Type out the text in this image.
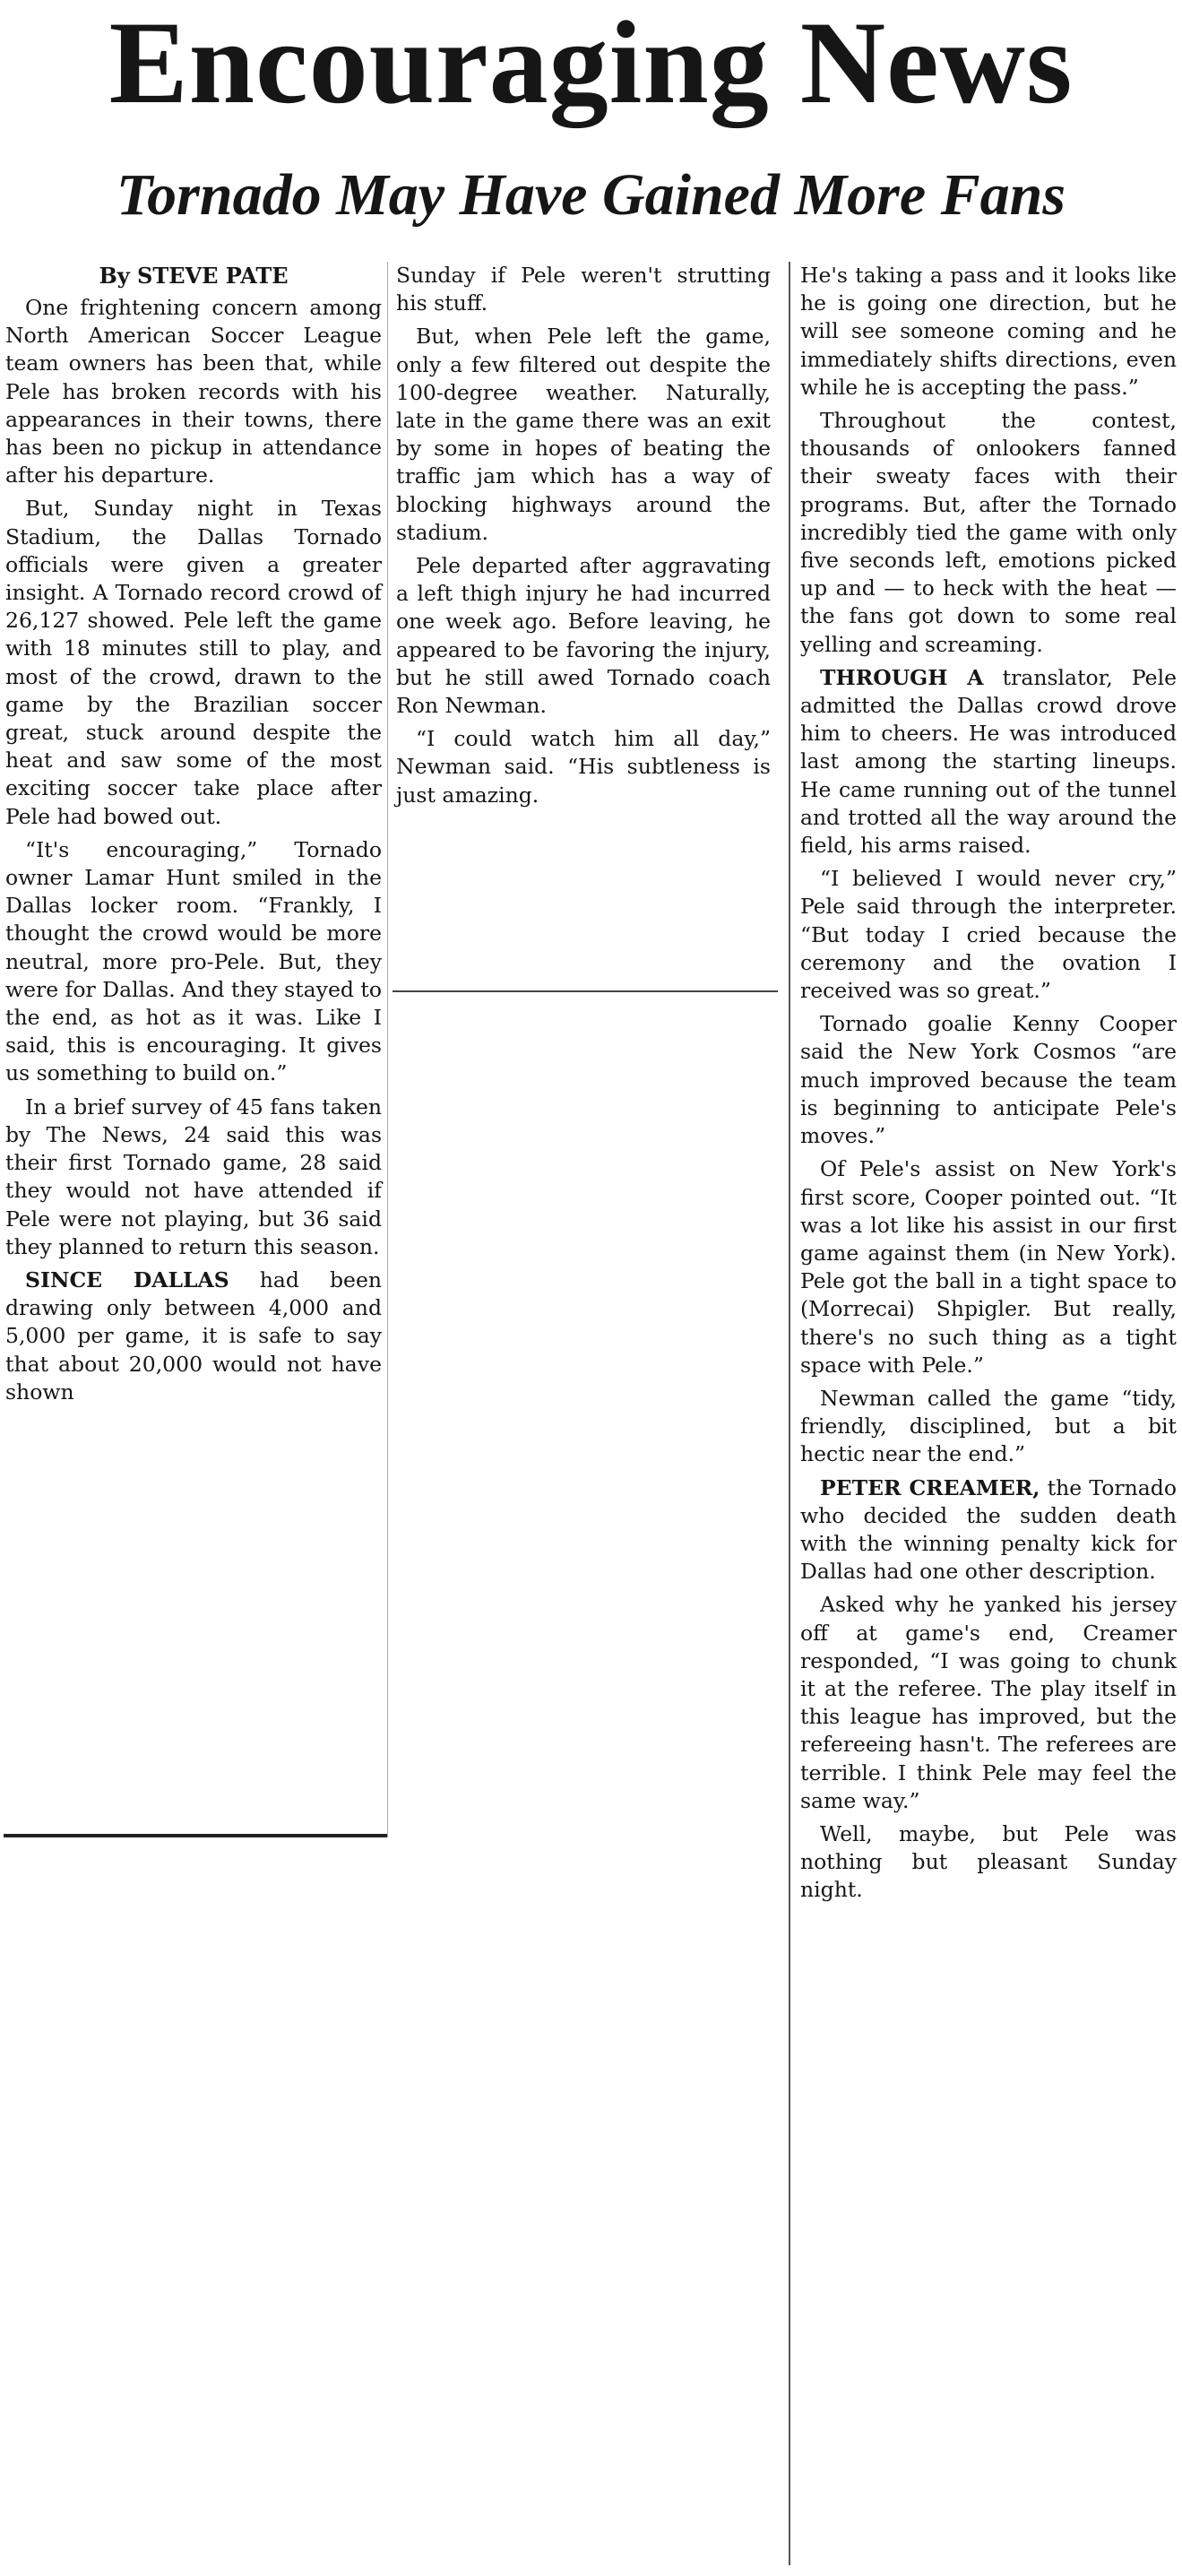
Encouraging News
Tornado May Have Gained More Fans
By STEVE PATE

One frightening concern among North American Soccer League team owners has been that, while Pele has broken records with his appearances in their towns, there has been no pickup in attendance after his departure.

But, Sunday night in Texas Stadium, the Dallas Tornado officials were given a greater insight. A Tornado record crowd of 26,127 showed. Pele left the game with 18 minutes still to play, and most of the crowd, drawn to the game by the Brazilian soccer great, stuck around despite the heat and saw some of the most exciting soccer take place after Pele had bowed out.

“It's encouraging,” Tornado owner Lamar Hunt smiled in the Dallas locker room. “Frankly, I thought the crowd would be more neutral, more pro-Pele. But, they were for Dallas. And they stayed to the end, as hot as it was. Like I said, this is encouraging. It gives us something to build on.”

In a brief survey of 45 fans taken by The News, 24 said this was their first Tornado game, 28 said they would not have attended if Pele were not playing, but 36 said they planned to return this season.

SINCE DALLAS had been drawing only between 4,000 and 5,000 per game, it is safe to say that about 20,000 would not have shown

Sunday if Pele weren't strutting his stuff.

But, when Pele left the game, only a few filtered out despite the 100-degree weather. Naturally, late in the game there was an exit by some in hopes of beating the traffic jam which has a way of blocking highways around the stadium.

Pele departed after aggravating a left thigh injury he had incurred one week ago. Before leaving, he appeared to be favoring the injury, but he still awed Tornado coach Ron Newman.

“I could watch him all day,” Newman said. “His subtleness is just amazing.

He's taking a pass and it looks like he is going one direction, but he will see someone coming and he immediately shifts directions, even while he is accepting the pass.”

Throughout the contest, thousands of onlookers fanned their sweaty faces with their programs. But, after the Tornado incredibly tied the game with only five seconds left, emotions picked up and — to heck with the heat — the fans got down to some real yelling and screaming.

THROUGH A translator, Pele admitted the Dallas crowd drove him to cheers. He was introduced last among the starting lineups. He came running out of the tunnel and trotted all the way around the field, his arms raised.

“I believed I would never cry,” Pele said through the interpreter. “But today I cried because the ceremony and the ovation I received was so great.”

Tornado goalie Kenny Cooper said the New York Cosmos “are much improved because the team is beginning to anticipate Pele's moves.”

Of Pele's assist on New York's first score, Cooper pointed out. “It was a lot like his assist in our first game against them (in New York). Pele got the ball in a tight space to (Morrecai) Shpigler. But really, there's no such thing as a tight space with Pele.”

Newman called the game “tidy, friendly, disciplined, but a bit hectic near the end.”

PETER CREAMER, the Tornado who decided the sudden death with the winning penalty kick for Dallas had one other description.

Asked why he yanked his jersey off at game's end, Creamer responded, “I was going to chunk it at the referee. The play itself in this league has improved, but the refereeing hasn't. The referees are terrible. I think Pele may feel the same way.”

Well, maybe, but Pele was nothing but pleasant Sunday night.
